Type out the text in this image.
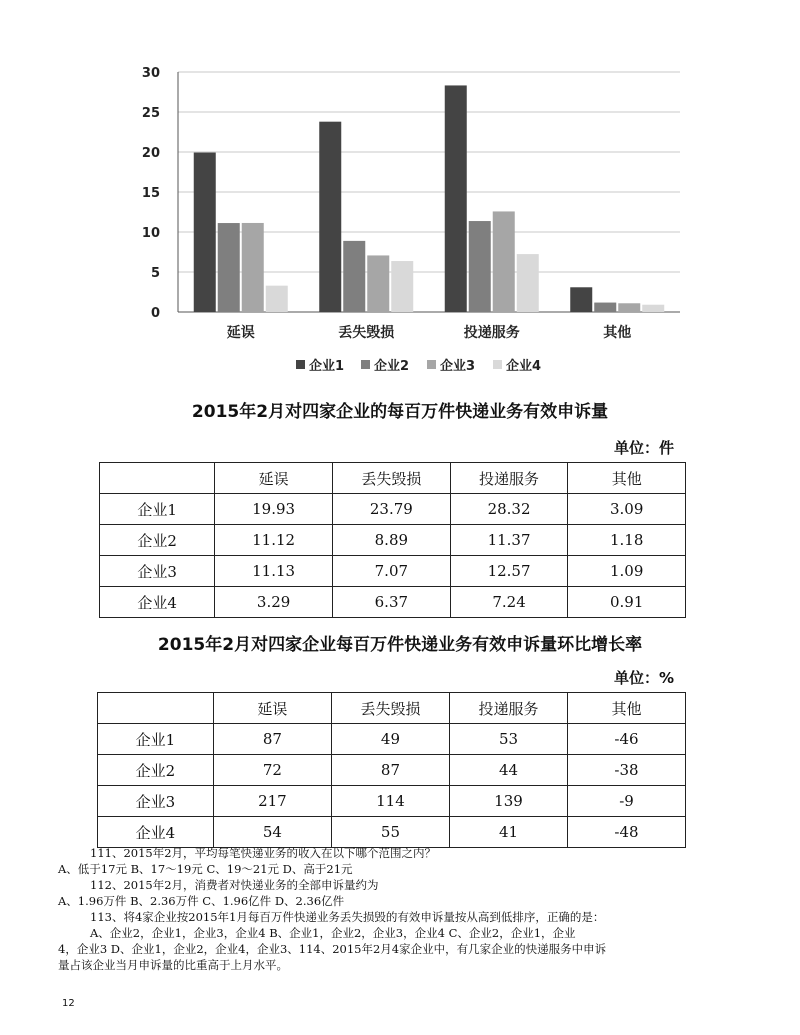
0
5
10
15
20
25
30
延误	丢失毁损	投递服务	其他
企业1 企业2 企业3 企业4
2015年2月对四家企业的每百万件快递业务有效申诉量
单位：件
	延误	丢失毁损	投递服务	其他
企业1	19.93	23.79	28.32	3.09
企业2	11.12	8.89	11.37	1.18
企业3	11.13	7.07	12.57	1.09
企业4	3.29	6.37	7.24	0.91
2015年2月对四家企业每百万件快递业务有效申诉量环比增长率
单位：%
	延误	丢失毁损	投递服务	其他
企业1	87	49	53	-46
企业2	72	87	44	-38
企业3	217	114	139	-9
企业4	54	55	41	-48
111、2015年2月，平均每笔快递业务的收入在以下哪个范围之内？
A、低于17元 B、17～19元 C、19～21元 D、高于21元
112、2015年2月，消费者对快递业务的全部申诉量约为
A、1.96万件 B、2.36万件 C、1.96亿件 D、2.36亿件
113、将4家企业按2015年1月每百万件快递业务丢失损毁的有效申诉量按从高到低排序，正确的是：
A、企业2，企业1，企业3，企业4 B、企业1，企业2，企业3，企业4 C、企业2，企业1，企业
4，企业3 D、企业1，企业2，企业4，企业3、114、2015年2月4家企业中，有几家企业的快递服务中申诉
量占该企业当月申诉量的比重高于上月水平。
12
